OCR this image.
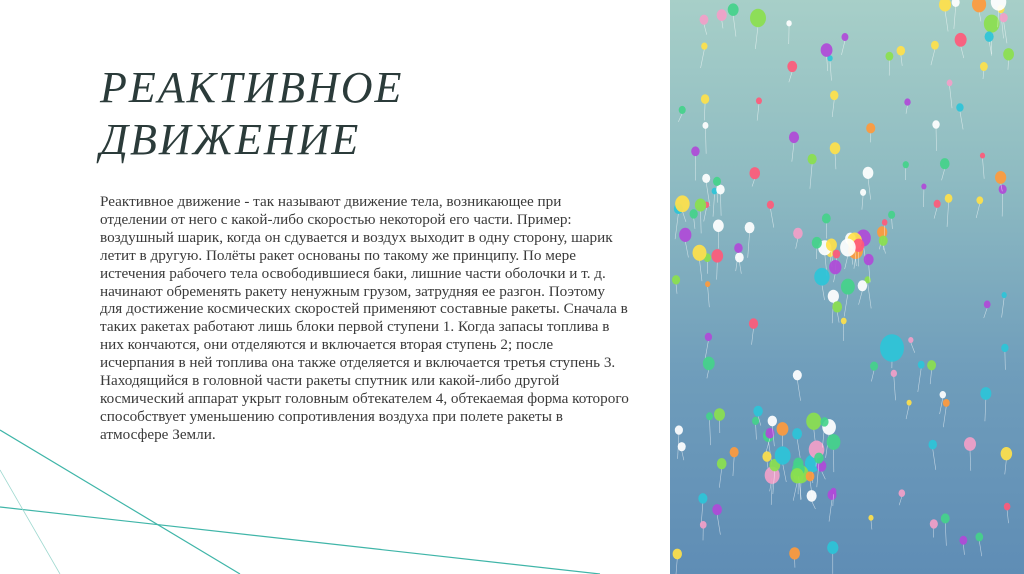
РЕАКТИВНОЕ
ДВИЖЕНИЕ

Реактивное движение - так называют движение тела, возникающее при отделении от него с какой-либо скоростью некоторой его части. Пример: воздушный шарик, когда он сдувается и воздух выходит в одну сторону, шарик летит в другую. Полёты ракет основаны по такому же принципу. По мере истечения рабочего тела освободившиеся баки, лишние части оболочки и т. д. начинают обременять ракету ненужным грузом, затрудняя ее разгон. Поэтому для достижение космических скоростей применяют составные ракеты. Сначала в таких ракетах работают лишь блоки первой ступени 1. Когда запасы топлива в них кончаются, они отделяются и включается вторая ступень 2; после исчерпания в ней топлива она также отделяется и включается третья ступень 3. Находящийся в головной части ракеты спутник или какой-либо другой космический аппарат укрыт головным обтекателем 4, обтекаемая форма которого способствует уменьшению сопротивления воздуха при полете ракеты в атмосфере Земли.
